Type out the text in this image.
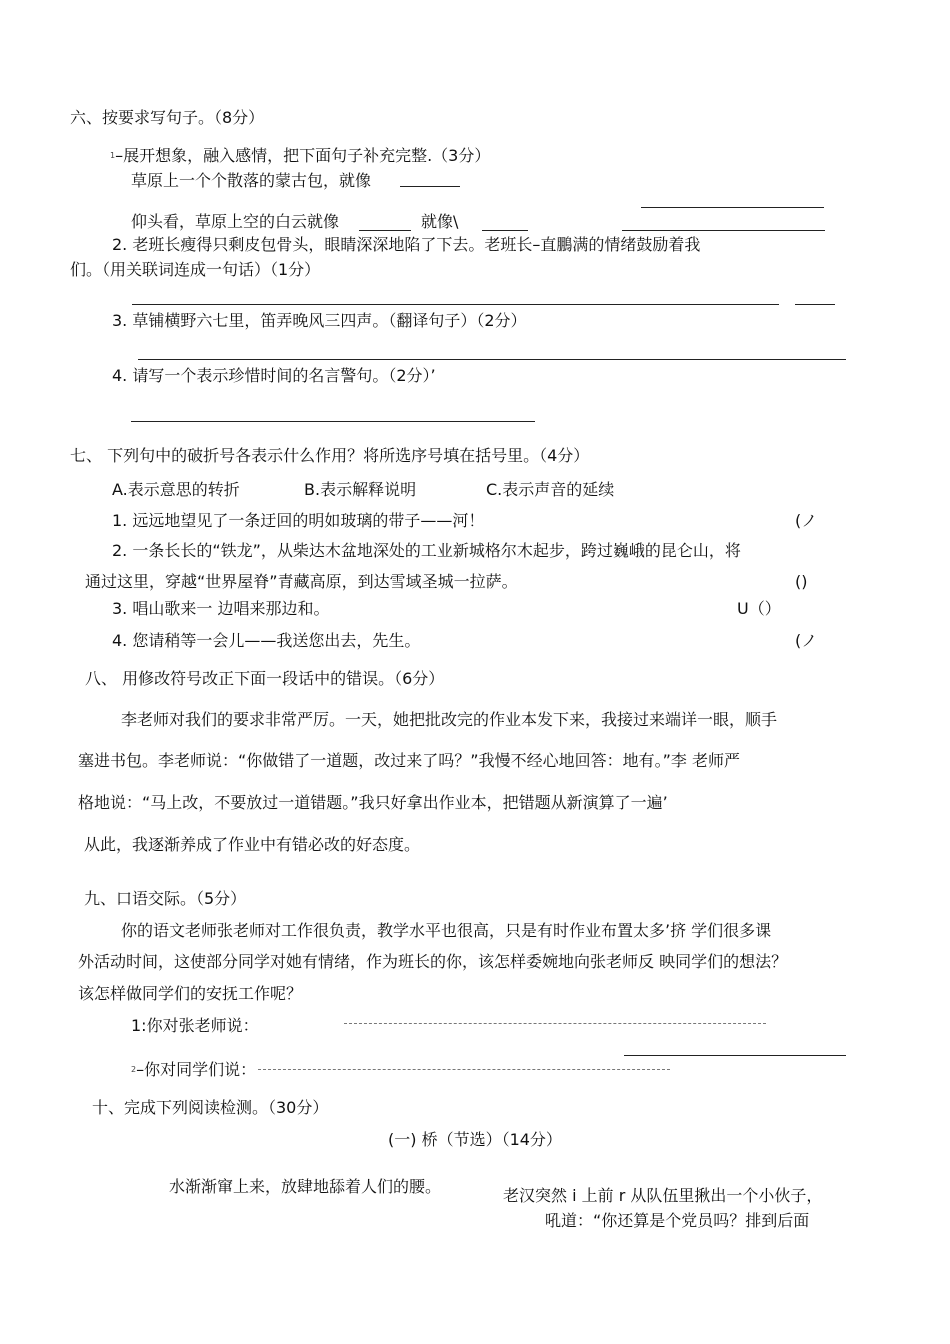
六、按要求写句子。（8分）
$^1$–展开想象，融入感情，把下面句子补充完整.（3分）
草原上一个个散落的蒙古包，就像
仰头看，草原上空的白云就像	就像\
2. 老班长瘦得只剩皮包骨头，眼睛深深地陷了下去。老班长–直鵬满的情绪鼓励着我
们。（用关联词连成一句话）（1分）
3. 草铺横野六七里，笛弄晚风三四声。（翻译句子）（2分）
4. 请写一个表示珍惜时间的名言警句。（2分）’
七、 下列句中的破折号各表示什么作用？将所选序号填在括号里。（4分）
A.表示意思的转折	B.表示解释说明	C.表示声音的延续
1. 远远地望见了一条迂回的明如玻璃的带子——河！	(ノ
2. 一条长长的“铁龙”，从柴达木盆地深处的工业新城格尔木起步，跨过巍峨的昆仑山，将
通过这里，穿越“世界屋脊”青藏高原，到达雪域圣城一拉萨。	()
3. 唱山歌来一 边唱来那边和。	U（）
4. 您请稍等一会儿——我送您出去，先生。	(ノ
八、 用修改符号改正下面一段话中的错误。（6分）
李老师对我们的要求非常严厉。一天，她把批改完的作业本发下来，我接过来端详一眼，顺手
塞进书包。李老师说：“你做错了一道题，改过来了吗？”我慢不经心地回答：地有。”李 老师严
格地说：“马上改，不要放过一道错题。”我只好拿出作业本，把错题从新演算了一遍’
从此，我逐渐养成了作业中有错必改的好态度。
九、口语交际。（5分）
你的语文老师张老师对工作很负责，教学水平也很高，只是有时作业布置太多’挤 学们很多课
外活动时间，这使部分同学对她有情绪，作为班长的你，该怎样委婉地向张老师反 映同学们的想法？
该怎样做同学们的安抚工作呢？
1:你对张老师说：
$^2$–你对同学们说：
十、完成下列阅读检测。（30分）
(一) 桥（节选）（14分）
水渐渐窜上来，放肆地舔着人们的腰。	老汉突然 i 上前 r 从队伍里揪出一个小伙子，
吼道：“你还算是个党员吗？排到后面
